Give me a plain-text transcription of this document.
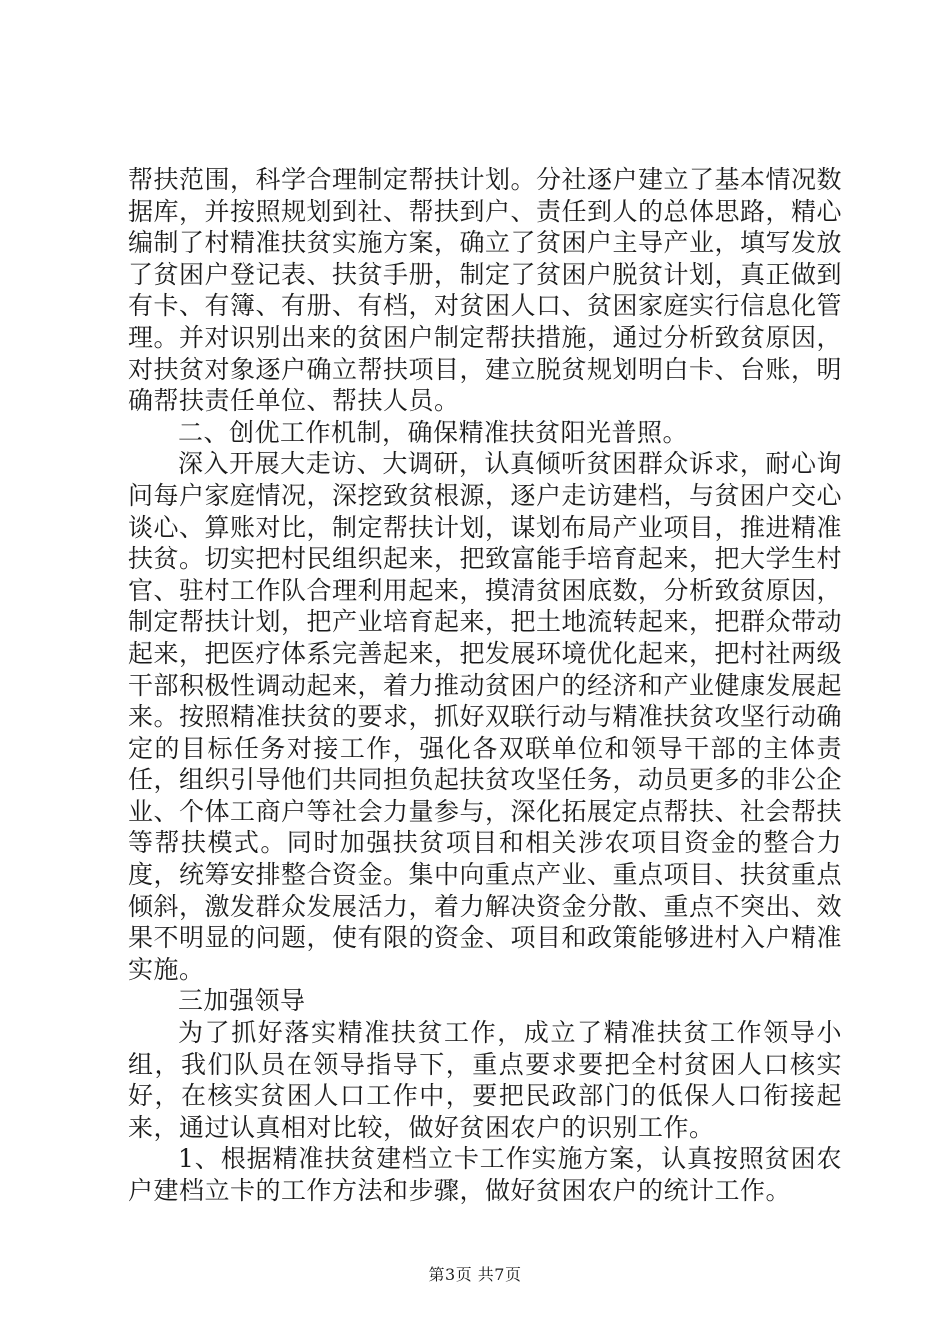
帮扶范围，科学合理制定帮扶计划。分社逐户建立了基本情况数据库，并按照规划到社、帮扶到户、责任到人的总体思路，精心编制了村精准扶贫实施方案，确立了贫困户主导产业，填写发放了贫困户登记表、扶贫手册，制定了贫困户脱贫计划，真正做到有卡、有簿、有册、有档，对贫困人口、贫困家庭实行信息化管理。并对识别出来的贫困户制定帮扶措施，通过分析致贫原因，对扶贫对象逐户确立帮扶项目，建立脱贫规划明白卡、台账，明确帮扶责任单位、帮扶人员。

二、创优工作机制，确保精准扶贫阳光普照。

深入开展大走访、大调研，认真倾听贫困群众诉求，耐心询问每户家庭情况，深挖致贫根源，逐户走访建档，与贫困户交心谈心、算账对比，制定帮扶计划，谋划布局产业项目，推进精准扶贫。切实把村民组织起来，把致富能手培育起来，把大学生村官、驻村工作队合理利用起来，摸清贫困底数，分析致贫原因，制定帮扶计划，把产业培育起来，把土地流转起来，把群众带动起来，把医疗体系完善起来，把发展环境优化起来，把村社两级干部积极性调动起来，着力推动贫困户的经济和产业健康发展起来。按照精准扶贫的要求，抓好双联行动与精准扶贫攻坚行动确定的目标任务对接工作，强化各双联单位和领导干部的主体责任，组织引导他们共同担负起扶贫攻坚任务，动员更多的非公企业、个体工商户等社会力量参与，深化拓展定点帮扶、社会帮扶等帮扶模式。同时加强扶贫项目和相关涉农项目资金的整合力度，统筹安排整合资金。集中向重点产业、重点项目、扶贫重点倾斜，激发群众发展活力，着力解决资金分散、重点不突出、效果不明显的问题，使有限的资金、项目和政策能够进村入户精准实施。

三加强领导

为了抓好落实精准扶贫工作，成立了精准扶贫工作领导小组，我们队员在领导指导下，重点要求要把全村贫困人口核实好，在核实贫困人口工作中，要把民政部门的低保人口衔接起来，通过认真相对比较，做好贫困农户的识别工作。

1、根据精准扶贫建档立卡工作实施方案，认真按照贫困农户建档立卡的工作方法和步骤，做好贫困农户的统计工作。

第3页 共7页
